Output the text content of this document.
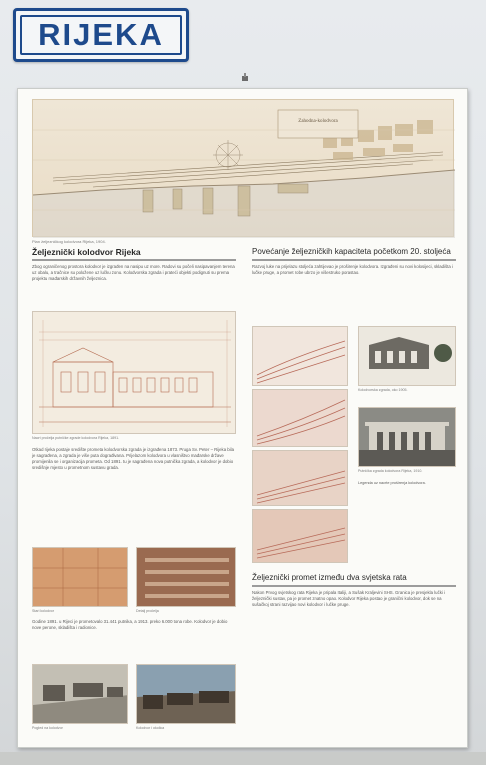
RIJEKA
Zahodna-kolodvora
Plan željezničkog kolodvora Rijeka, 1904.
Željeznički kolodvor Rijeka
Zbog ograničenog prostora kolodvor je izgrađen na nasipu uz more. Radovi su počeli nasipavanjem terena uz obalu, a tračnice su položene uz lučku zonu. Kolodvorska zgrada i prateći objekti podignuti su prema projektu mađarskih državnih željeznica.
Nacrt pročelja putničke zgrade kolodvora Rijeka, 1891.
Otkad rijeka postaje središte prometa kolodvorska zgrada je izgrađena 1873. Pruga Sv. Peter – Rijeka bila je sagrađena, a zgrada je više puta dograđivana. Prijelazom kolodvora u vlasništvo mađarske države promijenila se i organizacija prometa. Od 1891. tu je sagrađena nova putnička zgrada, a kolodvor je dobio središnje mjesto u prometnom sustavu grada.
Stari kolodvor	Detalj pročelja
Godine 1891. u Rijeci je prometovalo 31.441 putnika, a 1913. preko 6.000 tona robe. Kolodvor je dobio nove perone, skladišta i radionice.
Pogled na kolodvor	Kolodvor i okolica
Povećanje željezničkih kapaciteta početkom 20. stoljeća
Razvoj luke na prijelazu stoljeća zahtijevao je proširenje kolodvora. Izgrađeni su novi kolosijeci, skladišta i lučke pruge, a promet robe ubrzo je višestruko porastao.
Kolodvorska zgrada, oko 1905.
Putnička zgrada kolodvora Rijeka, 1910.
Legenda uz nacrte proširenja kolodvora.
Željeznički promet između dva svjetska rata
Nakon Prvog svjetskog rata Rijeka je pripala Italiji, a Sušak Kraljevini SHS. Granica je presjekla lučki i željeznički sustav, pa je promet znatno opao. Kolodvor Rijeka postao je granični kolodvor, dok se na sušačkoj strani razvijao novi kolodvor i lučke pruge.
